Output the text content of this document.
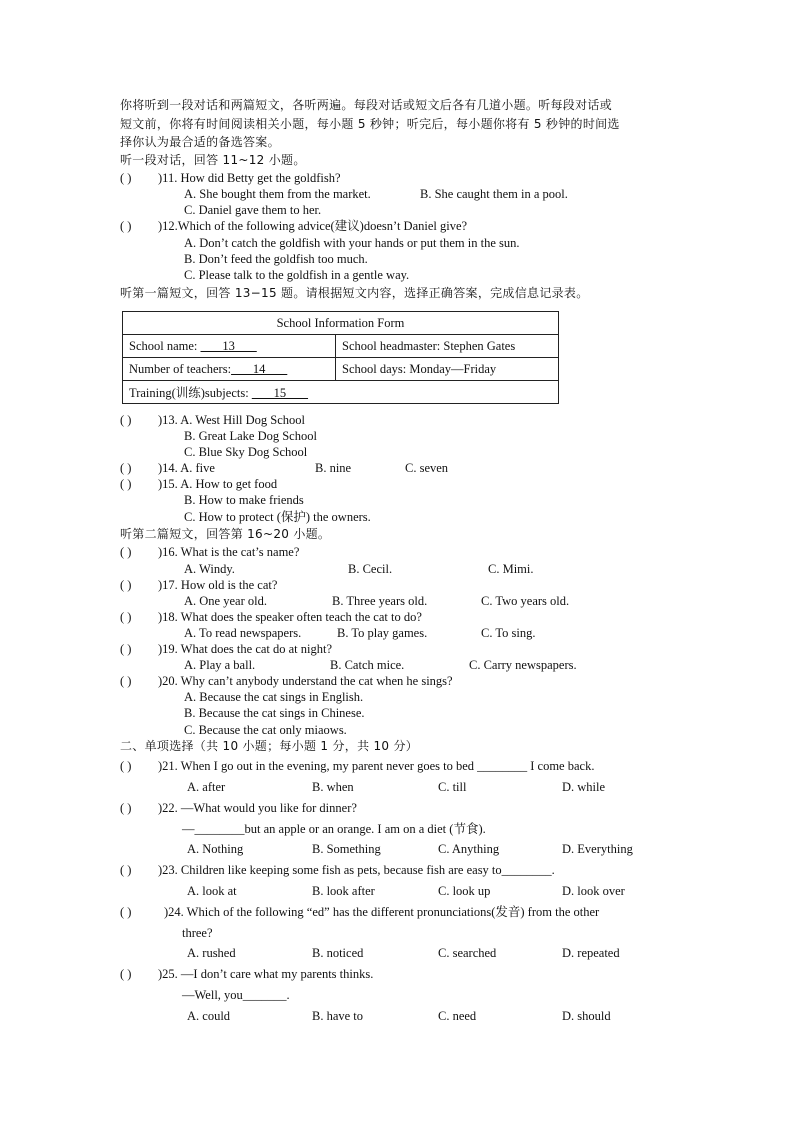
你将听到一段对话和两篇短文，各听两遍。每段对话或短文后各有几道小题。听每段对话或
短文前，你将有时间阅读相关小题，每小题 5 秒钟；听完后，每小题你将有 5 秒钟的时间选
择你认为最合适的备选答案。
听一段对话，回答 11~12 小题。
( ) )11. How did Betty get the goldfish?
A. She bought them from the market.	B. She caught them in a pool.
C. Daniel gave them to her.
( ) )12.Which of the following advice(建议)doesn’t Daniel give?
A. Don’t catch the goldfish with your hands or put them in the sun.
B. Don’t feed the goldfish too much.
C. Please talk to the goldfish in a gentle way.
听第一篇短文，回答 13−15 题。请根据短文内容，选择正确答案，完成信息记录表。
School Information Form	
School name:        13	School headmaster: Stephen Gates
Number of teachers:       14	School days: Monday—Friday
Training(训练)subjects:        15	
( ) )13. A. West Hill Dog School
B. Great Lake Dog School
C. Blue Sky Dog School
( ) )14. A. five	B. nine	C. seven
( ) )15. A. How to get food
B. How to make friends
C. How to protect (保护) the owners.
听第二篇短文，回答第 16~20 小题。
( ) )16. What is the cat’s name?
A. Windy.	B. Cecil.	C. Mimi.
( ) )17. How old is the cat?
A. One year old.	B. Three years old.	C. Two years old.
( ) )18. What does the speaker often teach the cat to do?
A. To read newspapers.	B. To play games.	C. To sing.
( ) )19. What does the cat do at night?
A. Play a ball.	B. Catch mice.	C. Carry newspapers.
( ) )20. Why can’t anybody understand the cat when he sings?
A. Because the cat sings in English.
B. Because the cat sings in Chinese.
C. Because the cat only miaows.
二、单项选择（共 10 小题；每小题 1 分，共 10 分）
( ) )21. When I go out in the evening, my parent never goes to bed ________ I come back.
A. after	B. when	C. till	D. while
( ) )22. —What would you like for dinner?
—________but an apple or an orange. I am on a diet (节食).
A. Nothing	B. Something	C. Anything	D. Everything
( ) )23. Children like keeping some fish as pets, because fish are easy to________.
A. look at	B. look after	C. look up	D. look over
( )	)24. Which of the following “ed” has the different pronunciations(发音) from the other
three?
A. rushed	B. noticed	C. searched	D. repeated
( ) )25. —I don’t care what my parents thinks.
—Well, you_______.
A. could	B. have to	C. need	D. should
